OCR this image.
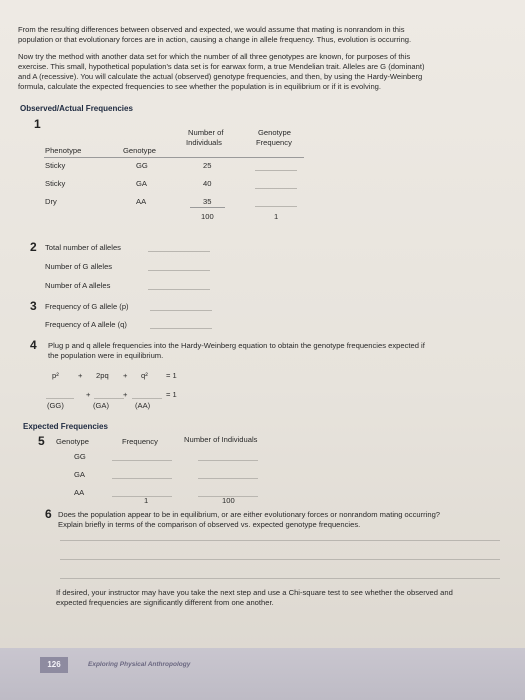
From the resulting differences between observed and expected, we would assume that mating is nonrandom in this
population or that evolutionary forces are in action, causing a change in allele frequency. Thus, evolution is occurring.
Now try the method with another data set for which the number of all three genotypes are known, for purposes of this
exercise. This small, hypothetical population's data set is for earwax form, a true Mendelian trait. Alleles are G (dominant)
and A (recessive). You will calculate the actual (observed) genotype frequencies, and then, by using the Hardy-Weinberg
formula, calculate the expected frequencies to see whether the population is in equilibrium or if it is evolving.
Observed/Actual Frequencies
1
Number of
Individuals
Genotype
Frequency
Phenotype	Genotype
Sticky	GG	25
Sticky	GA	40
Dry	AA	35
100	1
2 Total number of alleles
Number of G alleles
Number of A alleles
3 Frequency of G allele (p)
Frequency of A allele (q)
4 Plug p and q allele frequencies into the Hardy-Weinberg equation to obtain the genotype frequencies expected if
the population were in equilibrium.
p²	+ 2pq + q² = 1
+	+	= 1
(GG)	(GA)	(AA)
Expected Frequencies
5 Genotype	Frequency	Number of Individuals
GG
GA
AA
1	100
6 Does the population appear to be in equilibrium, or are either evolutionary forces or nonrandom mating occurring?
Explain briefly in terms of the comparison of observed vs. expected genotype frequencies.
If desired, your instructor may have you take the next step and use a Chi-square test to see whether the observed and
expected frequencies are significantly different from one another.
126	Exploring Physical Anthropology
